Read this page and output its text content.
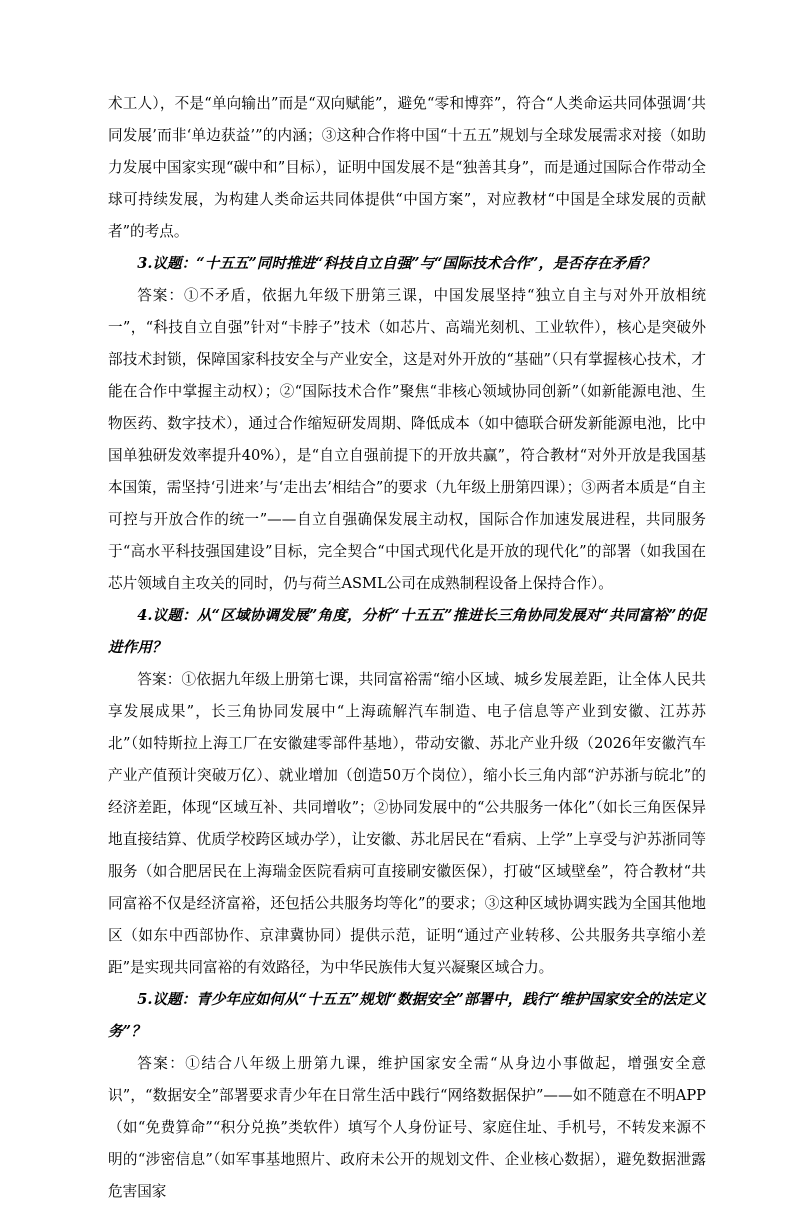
术工人），不是“单向输出”而是“双向赋能”，避免“零和博弈”，符合“人类命运共同体强调‘共同发展’而非‘单边获益’”的内涵；③这种合作将中国“十五五”规划与全球发展需求对接（如助力发展中国家实现“碳中和”目标），证明中国发展不是“独善其身”，而是通过国际合作带动全球可持续发展，为构建人类命运共同体提供“中国方案”，对应教材“中国是全球发展的贡献者”的考点。

3.议题：“十五五”同时推进“科技自立自强”与“国际技术合作”，是否存在矛盾？

答案：①不矛盾，依据九年级下册第三课，中国发展坚持“独立自主与对外开放相统一”，“科技自立自强”针对“卡脖子”技术（如芯片、高端光刻机、工业软件），核心是突破外部技术封锁，保障国家科技安全与产业安全，这是对外开放的“基础”（只有掌握核心技术，才能在合作中掌握主动权）；②“国际技术合作”聚焦“非核心领域协同创新”（如新能源电池、生物医药、数字技术），通过合作缩短研发周期、降低成本（如中德联合研发新能源电池，比中国单独研发效率提升40%），是“自立自强前提下的开放共赢”，符合教材“对外开放是我国基本国策，需坚持‘引进来’与‘走出去’相结合”的要求（九年级上册第四课）；③两者本质是“自主可控与开放合作的统一”——自立自强确保发展主动权，国际合作加速发展进程，共同服务于“高水平科技强国建设”目标，完全契合“中国式现代化是开放的现代化”的部署（如我国在芯片领域自主攻关的同时，仍与荷兰ASML公司在成熟制程设备上保持合作）。

4.议题：从“区域协调发展”角度，分析“十五五”推进长三角协同发展对“共同富裕”的促进作用？

答案：①依据九年级上册第七课，共同富裕需“缩小区域、城乡发展差距，让全体人民共享发展成果”，长三角协同发展中“上海疏解汽车制造、电子信息等产业到安徽、江苏苏北”（如特斯拉上海工厂在安徽建零部件基地），带动安徽、苏北产业升级（2026年安徽汽车产业产值预计突破万亿）、就业增加（创造50万个岗位），缩小长三角内部“沪苏浙与皖北”的经济差距，体现“区域互补、共同增收”；②协同发展中的“公共服务一体化”（如长三角医保异地直接结算、优质学校跨区域办学），让安徽、苏北居民在“看病、上学”上享受与沪苏浙同等服务（如合肥居民在上海瑞金医院看病可直接刷安徽医保），打破“区域壁垒”，符合教材“共同富裕不仅是经济富裕，还包括公共服务均等化”的要求；③这种区域协调实践为全国其他地区（如东中西部协作、京津冀协同）提供示范，证明“通过产业转移、公共服务共享缩小差距”是实现共同富裕的有效路径，为中华民族伟大复兴凝聚区域合力。

5.议题：青少年应如何从“十五五”规划“数据安全”部署中，践行“维护国家安全的法定义务”？

答案：①结合八年级上册第九课，维护国家安全需“从身边小事做起，增强安全意识”，“数据安全”部署要求青少年在日常生活中践行“网络数据保护”——如不随意在不明APP（如“免费算命”“积分兑换”类软件）填写个人身份证号、家庭住址、手机号，不转发来源不明的“涉密信息”（如军事基地照片、政府未公开的规划文件、企业核心数据），避免数据泄露危害国家
